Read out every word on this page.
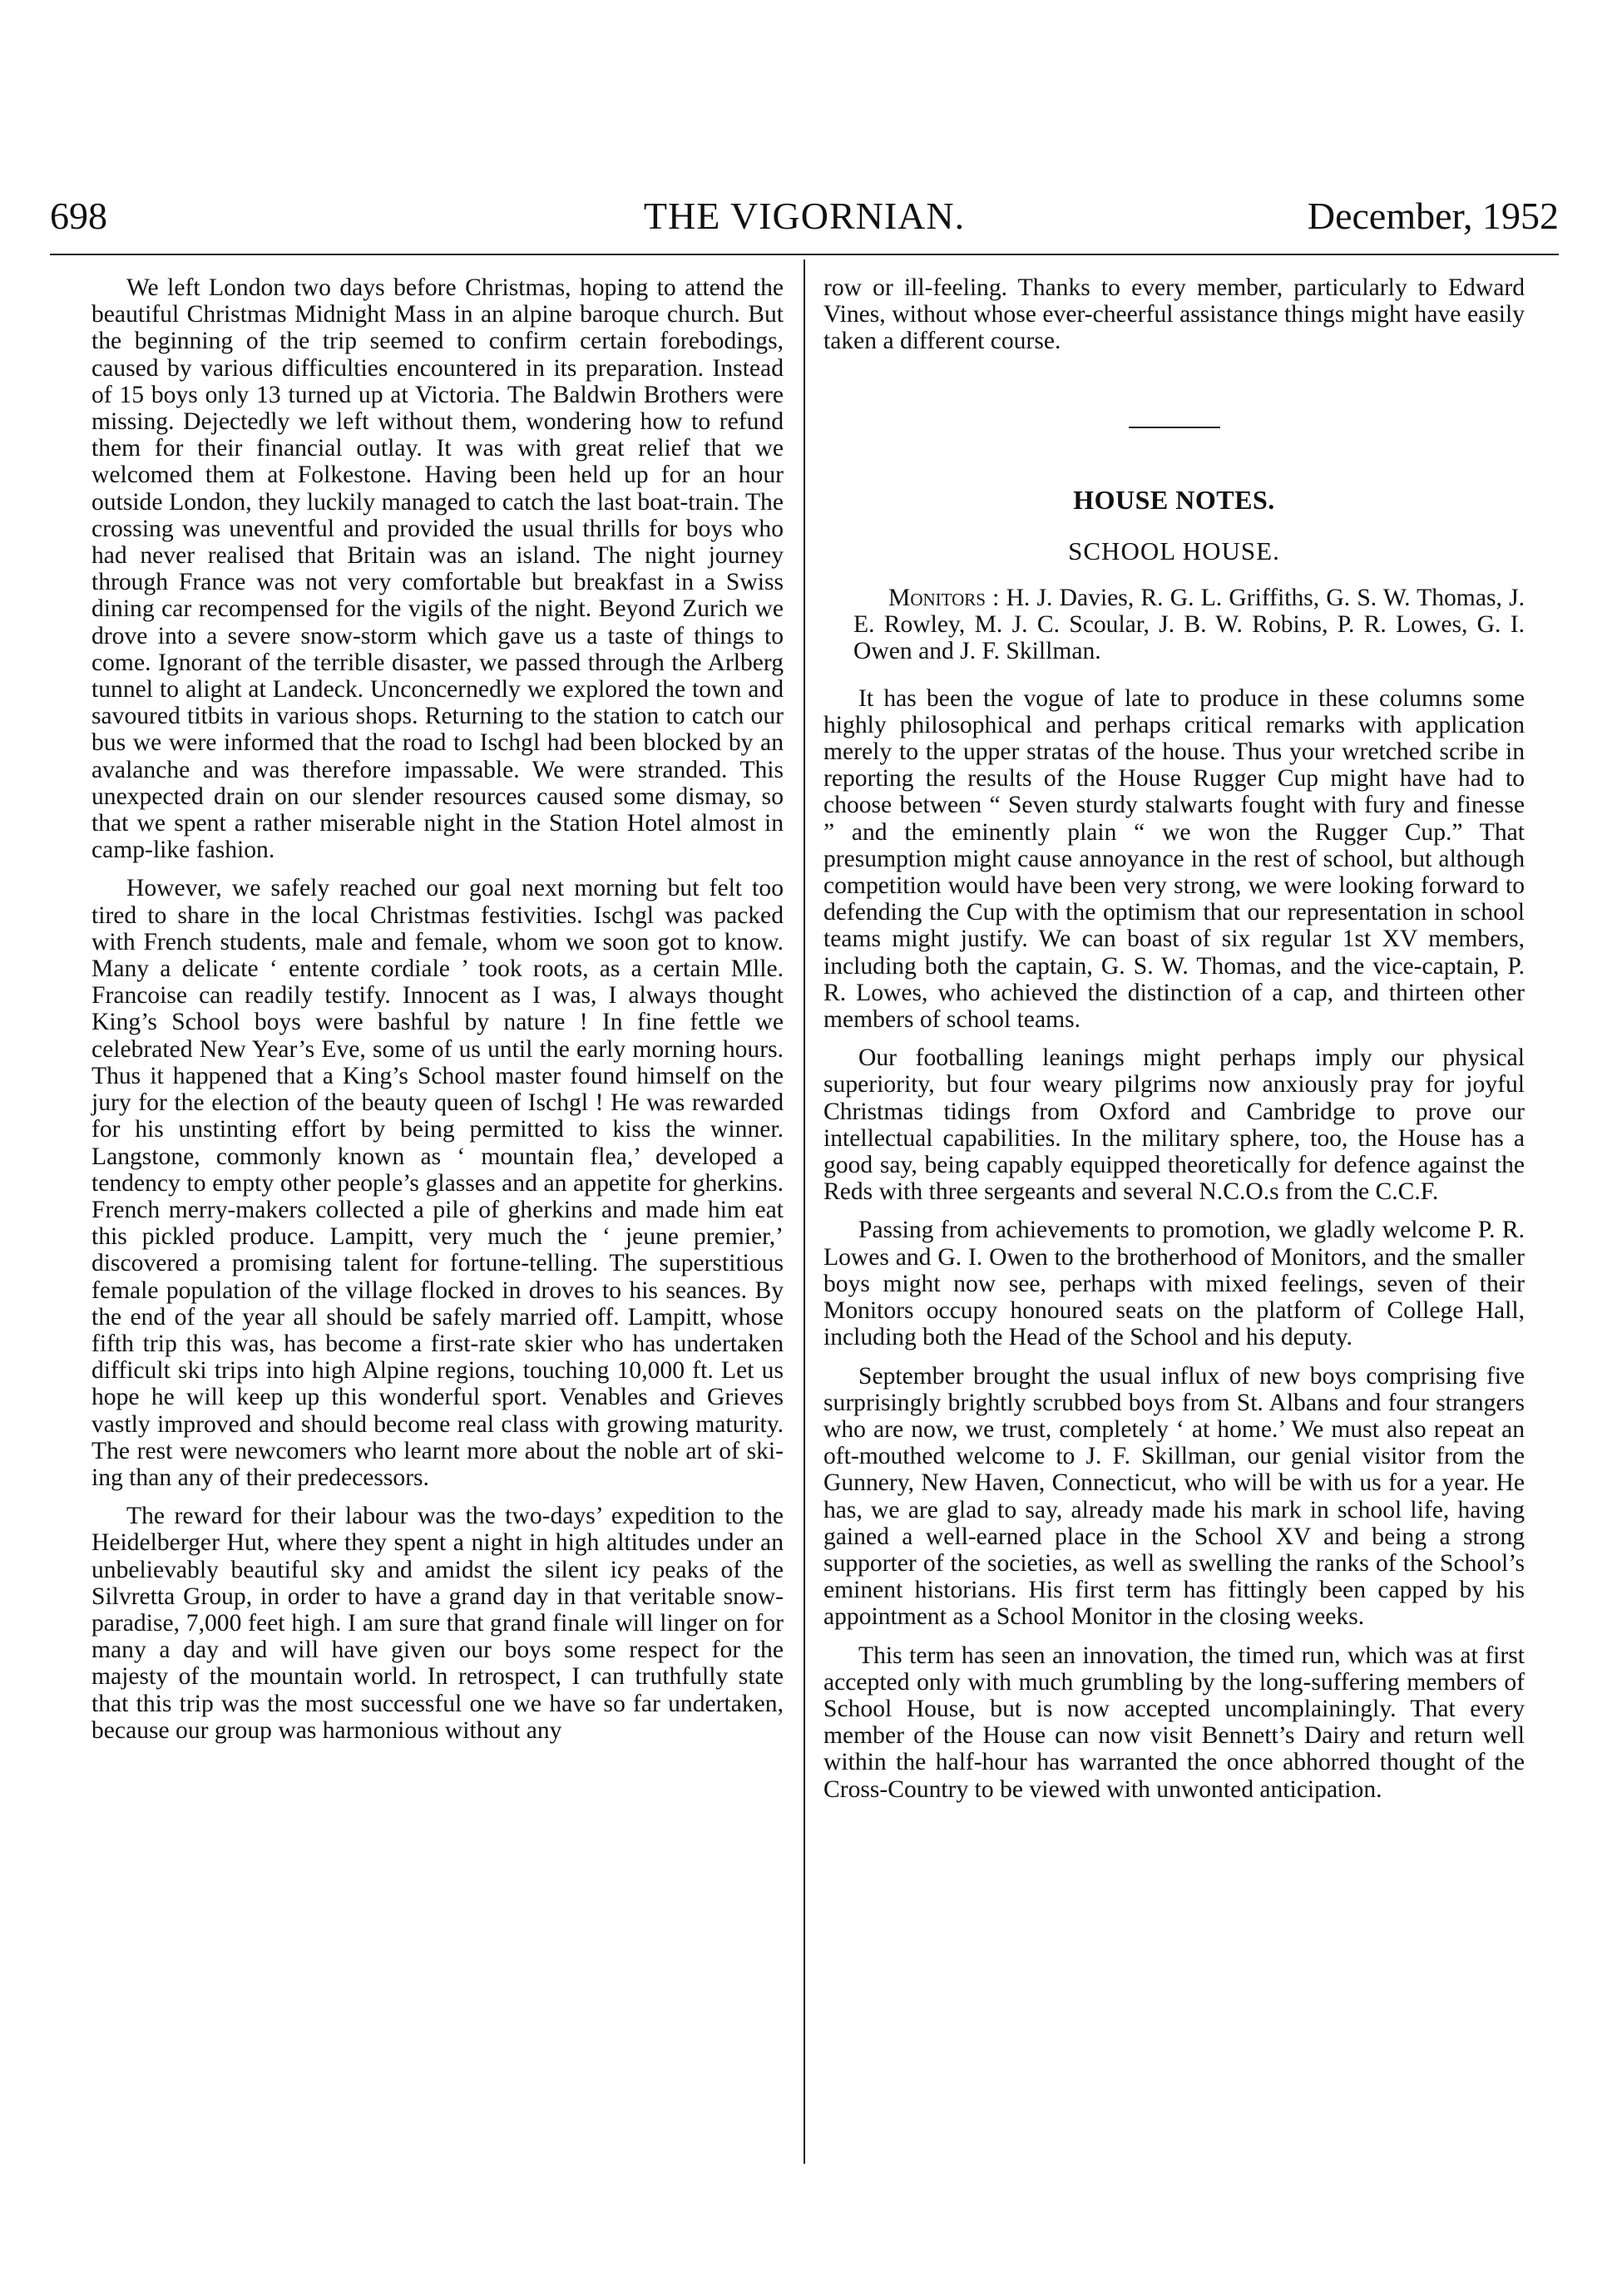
698	THE VIGORNIAN.	December, 1952

We left London two days before Christmas, hoping to attend the beautiful Christmas Midnight Mass in an alpine baroque church. But the beginning of the trip seemed to confirm certain forebodings, caused by various difficulties encountered in its preparation. Instead of 15 boys only 13 turned up at Victoria. The Baldwin Brothers were missing. Dejectedly we left without them, wondering how to refund them for their financial outlay. It was with great relief that we welcomed them at Folkestone. Having been held up for an hour outside London, they luckily managed to catch the last boat-train. The crossing was uneventful and provided the usual thrills for boys who had never realised that Britain was an island. The night journey through France was not very comfortable but breakfast in a Swiss dining car recompensed for the vigils of the night. Beyond Zurich we drove into a severe snow-storm which gave us a taste of things to come. Ignorant of the terrible disaster, we passed through the Arlberg tunnel to alight at Landeck. Unconcernedly we explored the town and savoured titbits in various shops. Returning to the station to catch our bus we were informed that the road to Ischgl had been blocked by an avalanche and was therefore impassable. We were stranded. This unexpected drain on our slender resources caused some dismay, so that we spent a rather miserable night in the Station Hotel almost in camp-like fashion.

However, we safely reached our goal next morning but felt too tired to share in the local Christmas festivities. Ischgl was packed with French students, male and female, whom we soon got to know. Many a delicate ‘ entente cordiale ’ took roots, as a certain Mlle. Francoise can readily testify. Innocent as I was, I always thought King’s School boys were bashful by nature ! In fine fettle we celebrated New Year’s Eve, some of us until the early morning hours. Thus it happened that a King’s School master found himself on the jury for the election of the beauty queen of Ischgl ! He was rewarded for his unstinting effort by being permitted to kiss the winner. Langstone, commonly known as ‘ mountain flea,’ developed a tendency to empty other people’s glasses and an appetite for gherkins. French merry-makers collected a pile of gherkins and made him eat this pickled produce. Lampitt, very much the ‘ jeune premier,’ discovered a promising talent for fortune-telling. The superstitious female population of the village flocked in droves to his seances. By the end of the year all should be safely married off. Lampitt, whose fifth trip this was, has become a first-rate skier who has undertaken difficult ski trips into high Alpine regions, touching 10,000 ft. Let us hope he will keep up this wonderful sport. Venables and Grieves vastly improved and should become real class with growing maturity. The rest were newcomers who learnt more about the noble art of ski-ing than any of their predecessors.

The reward for their labour was the two-days’ expedition to the Heidelberger Hut, where they spent a night in high altitudes under an unbelievably beautiful sky and amidst the silent icy peaks of the Silvretta Group, in order to have a grand day in that veritable snow-paradise, 7,000 feet high. I am sure that grand finale will linger on for many a day and will have given our boys some respect for the majesty of the mountain world. In retrospect, I can truthfully state that this trip was the most successful one we have so far undertaken, because our group was harmonious without any

row or ill-feeling. Thanks to every member, particularly to Edward Vines, without whose ever-cheerful assistance things might have easily taken a different course.

HOUSE NOTES.
SCHOOL HOUSE.

Monitors : H. J. Davies, R. G. L. Griffiths, G. S. W. Thomas, J. E. Rowley, M. J. C. Scoular, J. B. W. Robins, P. R. Lowes, G. I. Owen and J. F. Skillman.

It has been the vogue of late to produce in these columns some highly philosophical and perhaps critical remarks with application merely to the upper stratas of the house. Thus your wretched scribe in reporting the results of the House Rugger Cup might have had to choose between “ Seven sturdy stalwarts fought with fury and finesse ” and the eminently plain “ we won the Rugger Cup.” That presumption might cause annoyance in the rest of school, but although competition would have been very strong, we were looking forward to defending the Cup with the optimism that our representation in school teams might justify. We can boast of six regular 1st XV members, including both the captain, G. S. W. Thomas, and the vice-captain, P. R. Lowes, who achieved the distinction of a cap, and thirteen other members of school teams.

Our footballing leanings might perhaps imply our physical superiority, but four weary pilgrims now anxiously pray for joyful Christmas tidings from Oxford and Cambridge to prove our intellectual capabilities. In the military sphere, too, the House has a good say, being capably equipped theoretically for defence against the Reds with three sergeants and several N.C.O.s from the C.C.F.

Passing from achievements to promotion, we gladly welcome P. R. Lowes and G. I. Owen to the brotherhood of Monitors, and the smaller boys might now see, perhaps with mixed feelings, seven of their Monitors occupy honoured seats on the platform of College Hall, including both the Head of the School and his deputy.

September brought the usual influx of new boys comprising five surprisingly brightly scrubbed boys from St. Albans and four strangers who are now, we trust, completely ‘ at home.’ We must also repeat an oft-mouthed welcome to J. F. Skillman, our genial visitor from the Gunnery, New Haven, Connecticut, who will be with us for a year. He has, we are glad to say, already made his mark in school life, having gained a well-earned place in the School XV and being a strong supporter of the societies, as well as swelling the ranks of the School’s eminent historians. His first term has fittingly been capped by his appointment as a School Monitor in the closing weeks.

This term has seen an innovation, the timed run, which was at first accepted only with much grumbling by the long-suffering members of School House, but is now accepted uncomplainingly. That every member of the House can now visit Bennett’s Dairy and return well within the half-hour has warranted the once abhorred thought of the Cross-Country to be viewed with unwonted anticipation.
